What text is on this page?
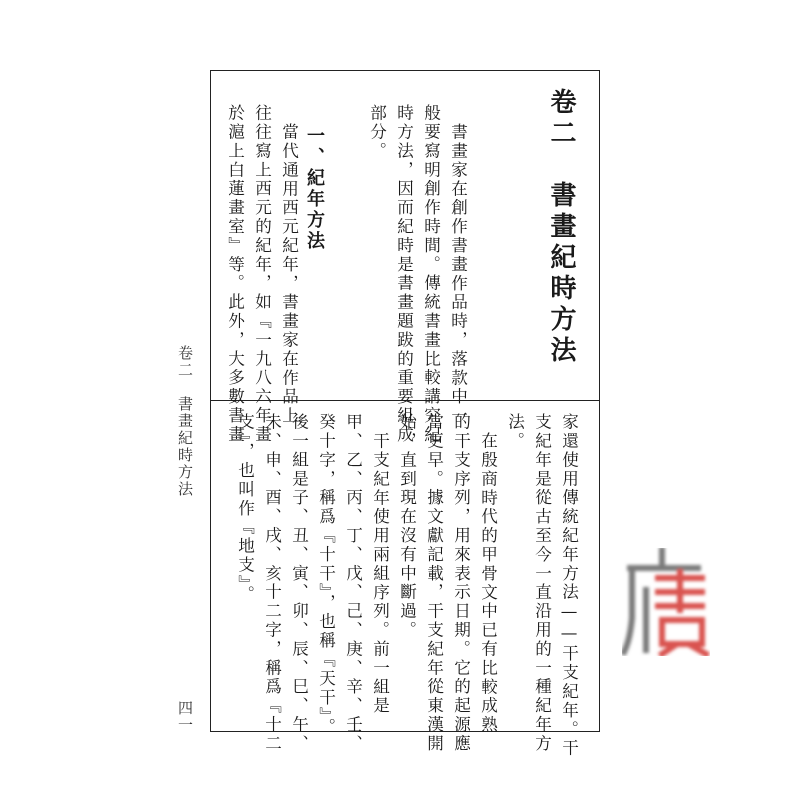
卷二　書畫紀時方法
書畫家在創作書畫作品時，落款中一
般要寫明創作時間。傳統書畫比較講究紀
時方法，因而紀時是書畫題跋的重要組成
部分。
一、紀年方法
當代通用西元紀年，書畫家在作品上
往往寫上西元的紀年，如『一九八六年畫
於滬上白蓮畫室』等。此外，大多數書畫
家還使用傳統紀年方法——干支紀年。干
支紀年是從古至今一直沿用的一種紀年方
法。
在殷商時代的甲骨文中已有比較成熟
的干支序列，用來表示日期。它的起源應
當更早。據文獻記載，干支紀年從東漢開
始，直到現在沒有中斷過。
干支紀年使用兩組序列。前一組是
甲、乙、丙、丁、戊、己、庚、辛、壬、
癸十字，稱爲『十干』，也稱『天干』。
後一組是子、丑、寅、卯、辰、巳、午、
未、申、酉、戌、亥十二字，稱爲『十二
支』，也叫作『地支』。
卷二　書畫紀時方法
四一
